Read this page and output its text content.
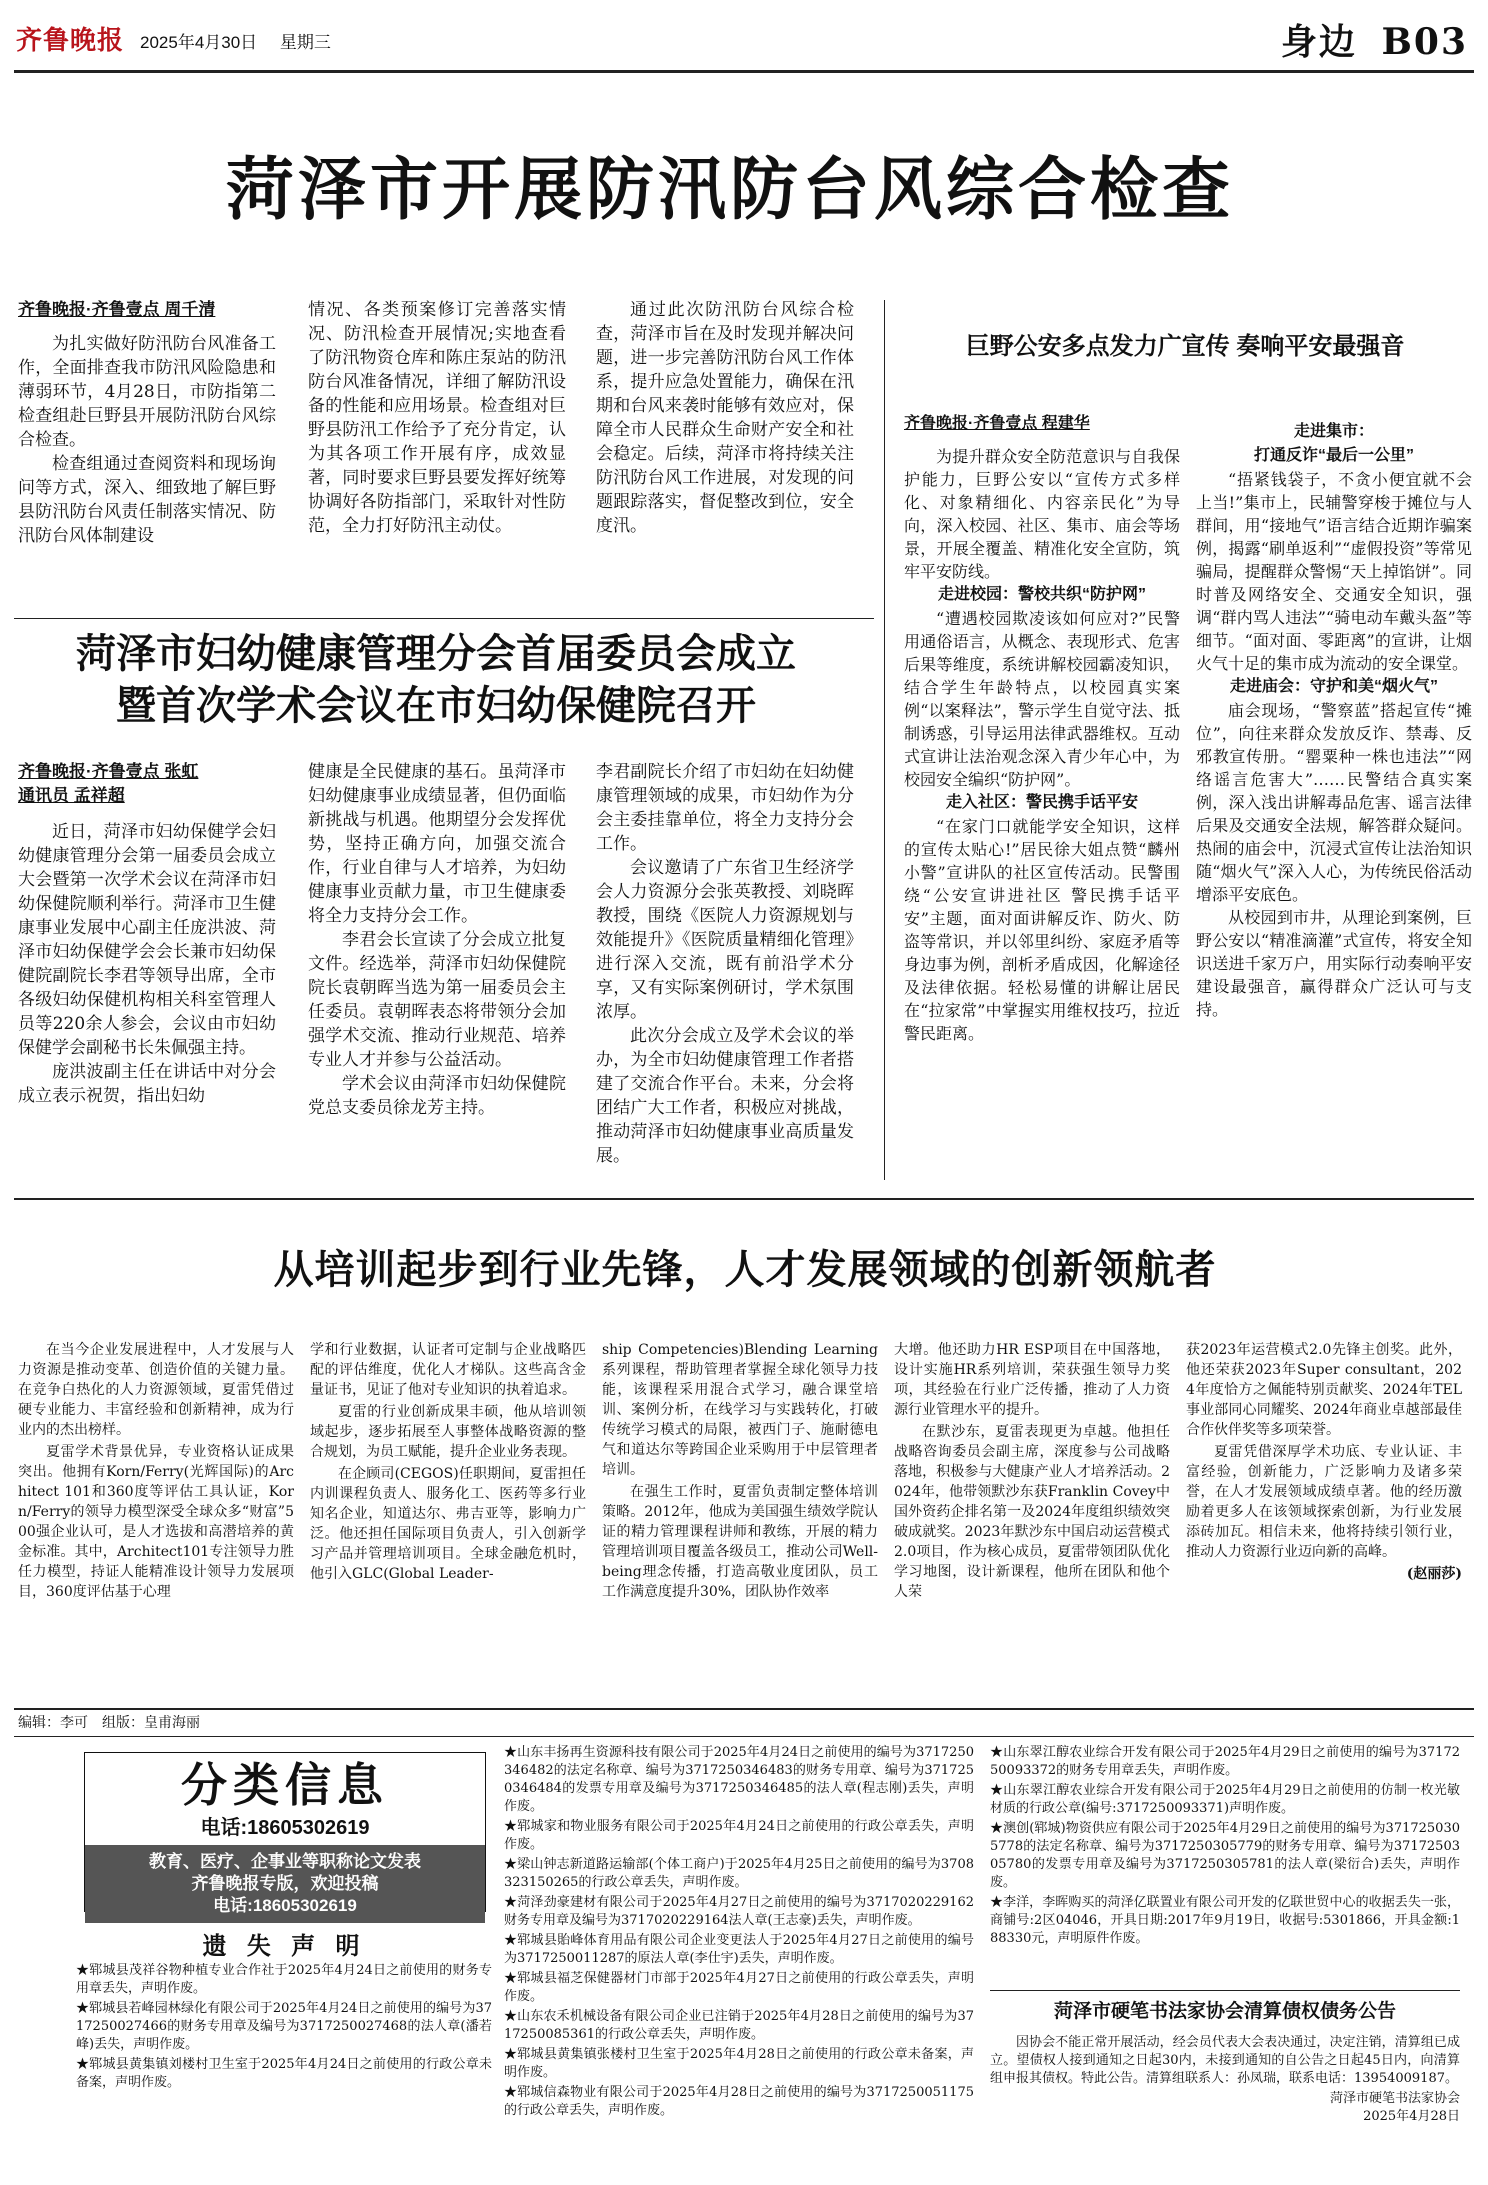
齐鲁晚报 2025年4月30日 星期三	身边 B03
菏泽市开展防汛防台风综合检查

齐鲁晚报·齐鲁壹点 周千清

为扎实做好防汛防台风准备工作，全面排查我市防汛风险隐患和薄弱环节，4月28日，市防指第二检查组赴巨野县开展防汛防台风综合检查。

检查组通过查阅资料和现场询问等方式，深入、细致地了解巨野县防汛防台风责任制落实情况、防汛防台风体制建设

情况、各类预案修订完善落实情况、防汛检查开展情况;实地查看了防汛物资仓库和陈庄泵站的防汛防台风准备情况，详细了解防汛设备的性能和应用场景。检查组对巨野县防汛工作给予了充分肯定，认为其各项工作开展有序，成效显著，同时要求巨野县要发挥好统筹协调好各防指部门，采取针对性防范，全力打好防汛主动仗。

通过此次防汛防台风综合检查，菏泽市旨在及时发现并解决问题，进一步完善防汛防台风工作体系，提升应急处置能力，确保在汛期和台风来袭时能够有效应对，保障全市人民群众生命财产安全和社会稳定。后续，菏泽市将持续关注防汛防台风工作进展，对发现的问题跟踪落实，督促整改到位，安全度汛。

菏泽市妇幼健康管理分会首届委员会成立
暨首次学术会议在市妇幼保健院召开

齐鲁晚报·齐鲁壹点 张虹

通讯员 孟祥超

近日，菏泽市妇幼保健学会妇幼健康管理分会第一届委员会成立大会暨第一次学术会议在菏泽市妇幼保健院顺利举行。菏泽市卫生健康事业发展中心副主任庞洪波、菏泽市妇幼保健学会会长兼市妇幼保健院副院长李君等领导出席，全市各级妇幼保健机构相关科室管理人员等220余人参会，会议由市妇幼保健学会副秘书长朱佩强主持。

庞洪波副主任在讲话中对分会成立表示祝贺，指出妇幼

健康是全民健康的基石。虽菏泽市妇幼健康事业成绩显著，但仍面临新挑战与机遇。他期望分会发挥优势，坚持正确方向，加强交流合作，行业自律与人才培养，为妇幼健康事业贡献力量，市卫生健康委将全力支持分会工作。

李君会长宣读了分会成立批复文件。经选举，菏泽市妇幼保健院院长袁朝晖当选为第一届委员会主任委员。袁朝晖表态将带领分会加强学术交流、推动行业规范、培养专业人才并参与公益活动。

学术会议由菏泽市妇幼保健院党总支委员徐龙芳主持。

李君副院长介绍了市妇幼在妇幼健康管理领域的成果，市妇幼作为分会主委挂靠单位，将全力支持分会工作。

会议邀请了广东省卫生经济学会人力资源分会张英教授、刘晓晖教授，围绕《医院人力资源规划与效能提升》《医院质量精细化管理》进行深入交流，既有前沿学术分享，又有实际案例研讨，学术氛围浓厚。

此次分会成立及学术会议的举办，为全市妇幼健康管理工作者搭建了交流合作平台。未来，分会将团结广大工作者，积极应对挑战，推动菏泽市妇幼健康事业高质量发展。

巨野公安多点发力广宣传 奏响平安最强音

齐鲁晚报·齐鲁壹点 程建华

为提升群众安全防范意识与自我保护能力，巨野公安以“宣传方式多样化、对象精细化、内容亲民化”为导向，深入校园、社区、集市、庙会等场景，开展全覆盖、精准化安全宣防，筑牢平安防线。

走进校园：警校共织“防护网”

“遭遇校园欺凌该如何应对?”民警用通俗语言，从概念、表现形式、危害后果等维度，系统讲解校园霸凌知识，结合学生年龄特点，以校园真实案例“以案释法”，警示学生自觉守法、抵制诱惑，引导运用法律武器维权。互动式宣讲让法治观念深入青少年心中，为校园安全编织“防护网”。

走入社区：警民携手话平安

“在家门口就能学安全知识，这样的宣传太贴心!”居民徐大姐点赞“麟州小警”宣讲队的社区宣传活动。民警围绕“公安宣讲进社区 警民携手话平安”主题，面对面讲解反诈、防火、防盗等常识，并以邻里纠纷、家庭矛盾等身边事为例，剖析矛盾成因，化解途径及法律依据。轻松易懂的讲解让居民在“拉家常”中掌握实用维权技巧，拉近警民距离。

走进集市：
打通反诈“最后一公里”

“捂紧钱袋子，不贪小便宜就不会上当!”集市上，民辅警穿梭于摊位与人群间，用“接地气”语言结合近期诈骗案例，揭露“刷单返利”“虚假投资”等常见骗局，提醒群众警惕“天上掉馅饼”。同时普及网络安全、交通安全知识，强调“群内骂人违法”“骑电动车戴头盔”等细节。“面对面、零距离”的宣讲，让烟火气十足的集市成为流动的安全课堂。

走进庙会：守护和美“烟火气”

庙会现场，“警察蓝”搭起宣传“摊位”，向往来群众发放反诈、禁毒、反邪教宣传册。“罂粟种一株也违法”“网络谣言危害大”……民警结合真实案例，深入浅出讲解毒品危害、谣言法律后果及交通安全法规，解答群众疑问。热闹的庙会中，沉浸式宣传让法治知识随“烟火气”深入人心，为传统民俗活动增添平安底色。

从校园到市井，从理论到案例，巨野公安以“精准滴灌”式宣传，将安全知识送进千家万户，用实际行动奏响平安建设最强音，赢得群众广泛认可与支持。

从培训起步到行业先锋，人才发展领域的创新领航者

在当今企业发展进程中，人才发展与人力资源是推动变革、创造价值的关键力量。在竞争白热化的人力资源领域，夏雷凭借过硬专业能力、丰富经验和创新精神，成为行业内的杰出榜样。

夏雷学术背景优异，专业资格认证成果突出。他拥有Korn/Ferry(光辉国际)的Architect 101和360度等评估工具认证，Korn/Ferry的领导力模型深受全球众多“财富”500强企业认可，是人才选拔和高潜培养的黄金标准。其中，Architect101专注领导力胜任力模型，持证人能精准设计领导力发展项目，360度评估基于心理

学和行业数据，认证者可定制与企业战略匹配的评估维度，优化人才梯队。这些高含金量证书，见证了他对专业知识的执着追求。

夏雷的行业创新成果丰硕，他从培训领域起步，逐步拓展至人事整体战略资源的整合规划，为员工赋能，提升企业业务表现。

在企顾司(CEGOS)任职期间，夏雷担任内训课程负责人、服务化工、医药等多行业知名企业，知道达尔、弗吉亚等，影响力广泛。他还担任国际项目负责人，引入创新学习产品并管理培训项目。全球金融危机时，他引入GLC(Global Leader-

ship Competencies)Blending Learning系列课程，帮助管理者掌握全球化领导力技能，该课程采用混合式学习，融合课堂培训、案例分析，在线学习与实践转化，打破传统学习模式的局限，被西门子、施耐德电气和道达尔等跨国企业采购用于中层管理者培训。

在强生工作时，夏雷负责制定整体培训策略。2012年，他成为美国强生绩效学院认证的精力管理课程讲师和教练，开展的精力管理培训项目覆盖各级员工，推动公司Well-being理念传播，打造高敬业度团队，员工工作满意度提升30%，团队协作效率

大增。他还助力HR ESP项目在中国落地，设计实施HR系列培训，荣获强生领导力奖项，其经验在行业广泛传播，推动了人力资源行业管理水平的提升。

在默沙东，夏雷表现更为卓越。他担任战略咨询委员会副主席，深度参与公司战略落地，积极参与大健康产业人才培养活动。2024年，他带领默沙东获Franklin Covey中国外资药企排名第一及2024年度组织绩效突破成就奖。2023年默沙东中国启动运营模式2.0项目，作为核心成员，夏雷带领团队优化学习地图，设计新课程，他所在团队和他个人荣

获2023年运营模式2.0先锋主创奖。此外，他还荣获2023年Super consultant，2024年度恰方之佩能特别贡献奖、2024年TEL事业部同心同耀奖、2024年商业卓越部最佳合作伙伴奖等多项荣誉。

夏雷凭借深厚学术功底、专业认证、丰富经验，创新能力，广泛影响力及诸多荣誉，在人才发展领域成绩卓著。他的经历激励着更多人在该领域探索创新，为行业发展添砖加瓦。相信未来，他将持续引领行业，推动人力资源行业迈向新的高峰。

(赵丽莎)
编辑：李可　组版：皇甫海丽
分类信息
电话:18605302619
教育、医疗、企事业等职称论文发表
齐鲁晚报专版，欢迎投稿
电话:18605302619
遗 失 声 明

★郓城县茂祥谷物种植专业合作社于2025年4月24日之前使用的财务专用章丢失，声明作废。

★郓城县若峰园林绿化有限公司于2025年4月24日之前使用的编号为3717250027466的财务专用章及编号为3717250027468的法人章(潘若峰)丢失，声明作废。

★郓城县黄集镇刘楼村卫生室于2025年4月24日之前使用的行政公章未备案，声明作废。

★山东丰扬再生资源科技有限公司于2025年4月24日之前使用的编号为3717250346482的法定名称章、编号为3717250346483的财务专用章、编号为3717250346484的发票专用章及编号为3717250346485的法人章(程志刚)丢失，声明作废。

★郓城家和物业服务有限公司于2025年4月24日之前使用的行政公章丢失，声明作废。

★梁山钟志新道路运输部(个体工商户)于2025年4月25日之前使用的编号为3708323150265的行政公章丢失，声明作废。

★菏泽劲豪建材有限公司于2025年4月27日之前使用的编号为3717020229162财务专用章及编号为3717020229164法人章(王志豪)丢失，声明作废。

★郓城县貽峰体育用品有限公司企业变更法人于2025年4月27日之前使用的编号为3717250011287的原法人章(李仕宇)丢失，声明作废。

★郓城县福芝保健器材门市部于2025年4月27日之前使用的行政公章丢失，声明作废。

★山东农禾机械设备有限公司企业已注销于2025年4月28日之前使用的编号为3717250085361的行政公章丢失，声明作废。

★郓城县黄集镇张楼村卫生室于2025年4月28日之前使用的行政公章未备案，声明作废。

★郓城信森物业有限公司于2025年4月28日之前使用的编号为3717250051175的行政公章丢失，声明作废。

★山东翠江醇农业综合开发有限公司于2025年4月29日之前使用的编号为3717250093372的财务专用章丢失，声明作废。

★山东翠江醇农业综合开发有限公司于2025年4月29日之前使用的仿制一枚光敏材质的行政公章(编号:3717250093371)声明作废。

★澳创(郓城)物资供应有限公司于2025年4月29日之前使用的编号为3717250305778的法定名称章、编号为3717250305779的财务专用章、编号为3717250305780的发票专用章及编号为3717250305781的法人章(梁衍合)丢失，声明作废。

★李洋，李晖购买的菏泽亿联置业有限公司开发的亿联世贸中心的收据丢失一张，商铺号:2区04046，开具日期:2017年9月19日，收据号:5301866，开具金额:188330元，声明原件作废。

菏泽市硬笔书法家协会清算债权债务公告

因协会不能正常开展活动，经会员代表大会表决通过，决定注销，清算组已成立。望债权人接到通知之日起30内，未接到通知的自公告之日起45日内，向清算组申报其债权。特此公告。清算组联系人：孙凤瑞，联系电话：13954009187。

菏泽市硬笔书法家协会
2025年4月28日
